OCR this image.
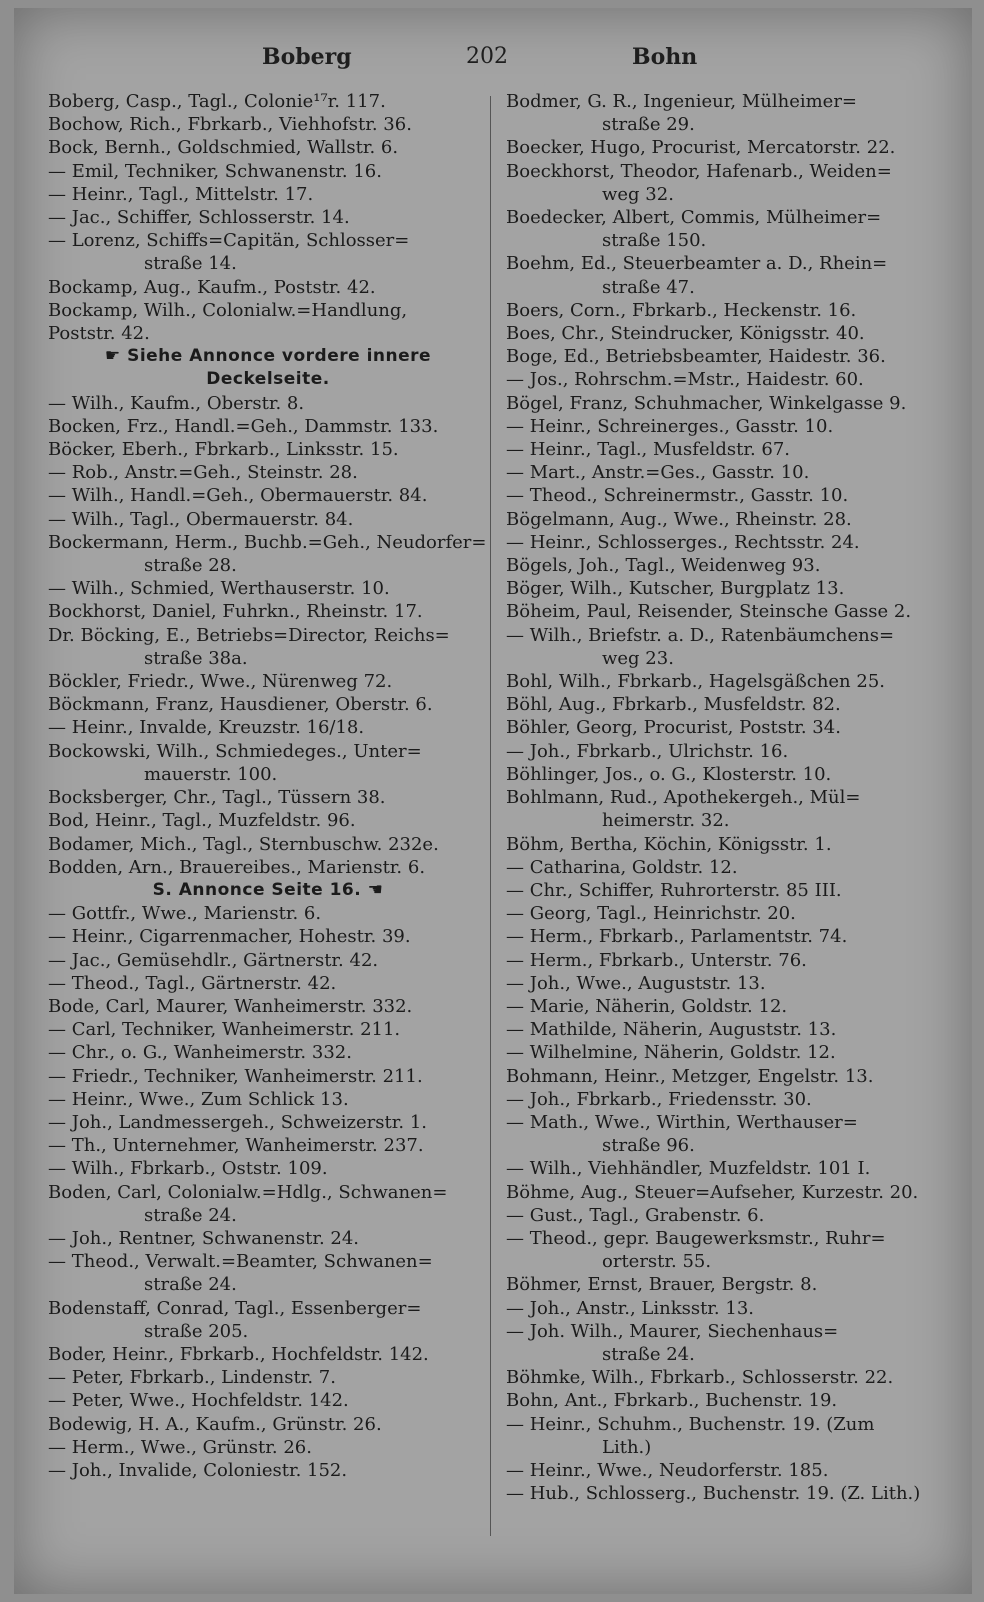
Boberg	202	Bohn

Boberg, Casp., Tagl., Colonie¹⁷r. 117.

Bochow, Rich., Fbrkarb., Viehhofstr. 36.

Bock, Bernh., Goldschmied, Wallstr. 6.

— Emil, Techniker, Schwanenstr. 16.

— Heinr., Tagl., Mittelstr. 17.

— Jac., Schiffer, Schlosserstr. 14.

— Lorenz, Schiffs=Capitän, Schlosser=

straße 14.

Bockamp, Aug., Kaufm., Poststr. 42.

Bockamp, Wilh., Colonialw.=Handlung,

Poststr. 42.

☛ Siehe Annonce vordere innere

Deckelseite.

— Wilh., Kaufm., Oberstr. 8.

Bocken, Frz., Handl.=Geh., Dammstr. 133.

Böcker, Eberh., Fbrkarb., Linksstr. 15.

— Rob., Anstr.=Geh., Steinstr. 28.

— Wilh., Handl.=Geh., Obermauerstr. 84.

— Wilh., Tagl., Obermauerstr. 84.

Bockermann, Herm., Buchb.=Geh., Neudorfer=

straße 28.

— Wilh., Schmied, Werthauserstr. 10.

Bockhorst, Daniel, Fuhrkn., Rheinstr. 17.

Dr. Böcking, E., Betriebs=Director, Reichs=

straße 38a.

Böckler, Friedr., Wwe., Nürenweg 72.

Böckmann, Franz, Hausdiener, Oberstr. 6.

— Heinr., Invalde, Kreuzstr. 16/18.

Bockowski, Wilh., Schmiedeges., Unter=

mauerstr. 100.

Bocksberger, Chr., Tagl., Tüssern 38.

Bod, Heinr., Tagl., Muzfeldstr. 96.

Bodamer, Mich., Tagl., Sternbuschw. 232e.

Bodden, Arn., Brauereibes., Marienstr. 6.

S. Annonce Seite 16. ☚

— Gottfr., Wwe., Marienstr. 6.

— Heinr., Cigarrenmacher, Hohestr. 39.

— Jac., Gemüsehdlr., Gärtnerstr. 42.

— Theod., Tagl., Gärtnerstr. 42.

Bode, Carl, Maurer, Wanheimerstr. 332.

— Carl, Techniker, Wanheimerstr. 211.

— Chr., o. G., Wanheimerstr. 332.

— Friedr., Techniker, Wanheimerstr. 211.

— Heinr., Wwe., Zum Schlick 13.

— Joh., Landmessergeh., Schweizerstr. 1.

— Th., Unternehmer, Wanheimerstr. 237.

— Wilh., Fbrkarb., Oststr. 109.

Boden, Carl, Colonialw.=Hdlg., Schwanen=

straße 24.

— Joh., Rentner, Schwanenstr. 24.

— Theod., Verwalt.=Beamter, Schwanen=

straße 24.

Bodenstaff, Conrad, Tagl., Essenberger=

straße 205.

Boder, Heinr., Fbrkarb., Hochfeldstr. 142.

— Peter, Fbrkarb., Lindenstr. 7.

— Peter, Wwe., Hochfeldstr. 142.

Bodewig, H. A., Kaufm., Grünstr. 26.

— Herm., Wwe., Grünstr. 26.

— Joh., Invalide, Coloniestr. 152.

Bodmer, G. R., Ingenieur, Mülheimer=

straße 29.

Boecker, Hugo, Procurist, Mercatorstr. 22.

Boeckhorst, Theodor, Hafenarb., Weiden=

weg 32.

Boedecker, Albert, Commis, Mülheimer=

straße 150.

Boehm, Ed., Steuerbeamter a. D., Rhein=

straße 47.

Boers, Corn., Fbrkarb., Heckenstr. 16.

Boes, Chr., Steindrucker, Königsstr. 40.

Boge, Ed., Betriebsbeamter, Haidestr. 36.

— Jos., Rohrschm.=Mstr., Haidestr. 60.

Bögel, Franz, Schuhmacher, Winkelgasse 9.

— Heinr., Schreinerges., Gasstr. 10.

— Heinr., Tagl., Musfeldstr. 67.

— Mart., Anstr.=Ges., Gasstr. 10.

— Theod., Schreinermstr., Gasstr. 10.

Bögelmann, Aug., Wwe., Rheinstr. 28.

— Heinr., Schlosserges., Rechtsstr. 24.

Bögels, Joh., Tagl., Weidenweg 93.

Böger, Wilh., Kutscher, Burgplatz 13.

Böheim, Paul, Reisender, Steinsche Gasse 2.

— Wilh., Briefstr. a. D., Ratenbäumchens=

weg 23.

Bohl, Wilh., Fbrkarb., Hagelsgäßchen 25.

Böhl, Aug., Fbrkarb., Musfeldstr. 82.

Böhler, Georg, Procurist, Poststr. 34.

— Joh., Fbrkarb., Ulrichstr. 16.

Böhlinger, Jos., o. G., Klosterstr. 10.

Bohlmann, Rud., Apothekergeh., Mül=

heimerstr. 32.

Böhm, Bertha, Köchin, Königsstr. 1.

— Catharina, Goldstr. 12.

— Chr., Schiffer, Ruhrorterstr. 85 III.

— Georg, Tagl., Heinrichstr. 20.

— Herm., Fbrkarb., Parlamentstr. 74.

— Herm., Fbrkarb., Unterstr. 76.

— Joh., Wwe., Auguststr. 13.

— Marie, Näherin, Goldstr. 12.

— Mathilde, Näherin, Auguststr. 13.

— Wilhelmine, Näherin, Goldstr. 12.

Bohmann, Heinr., Metzger, Engelstr. 13.

— Joh., Fbrkarb., Friedensstr. 30.

— Math., Wwe., Wirthin, Werthauser=

straße 96.

— Wilh., Viehhändler, Muzfeldstr. 101 I.

Böhme, Aug., Steuer=Aufseher, Kurzestr. 20.

— Gust., Tagl., Grabenstr. 6.

— Theod., gepr. Baugewerksmstr., Ruhr=

orterstr. 55.

Böhmer, Ernst, Brauer, Bergstr. 8.

— Joh., Anstr., Linksstr. 13.

— Joh. Wilh., Maurer, Siechenhaus=

straße 24.

Böhmke, Wilh., Fbrkarb., Schlosserstr. 22.

Bohn, Ant., Fbrkarb., Buchenstr. 19.

— Heinr., Schuhm., Buchenstr. 19. (Zum

Lith.)

— Heinr., Wwe., Neudorferstr. 185.

— Hub., Schlosserg., Buchenstr. 19. (Z. Lith.)
